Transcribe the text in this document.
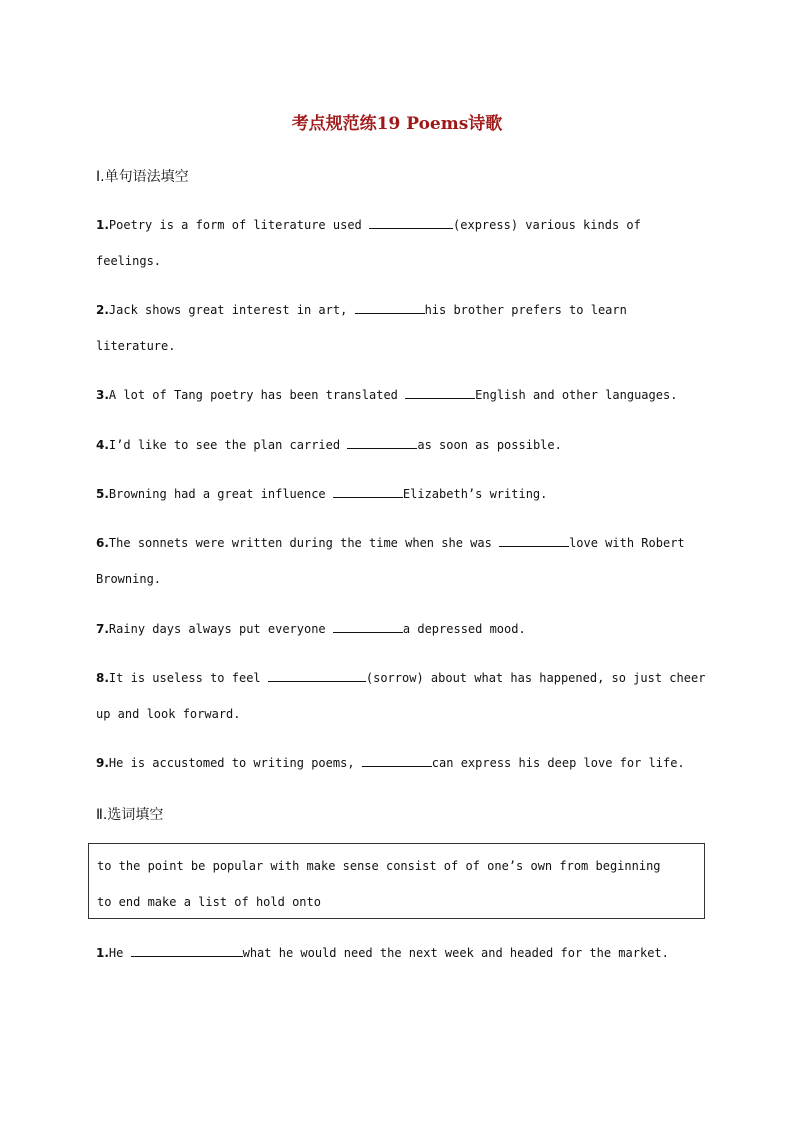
考点规范练19 Poems诗歌
Ⅰ.单句语法填空
1.Poetry is a form of literature used	(express) various kinds of
feelings.
2.Jack shows great interest in art,	his brother prefers to learn
literature.
3.A lot of Tang poetry has been translated	English and other languages.
4.I’d like to see the plan carried	as soon as possible.
5.Browning had a great influence	Elizabeth’s writing.
6.The sonnets were written during the time when she was	love with Robert
Browning.
7.Rainy days always put everyone	a depressed mood.
8.It is useless to feel	(sorrow) about what has happened, so just cheer
up and look forward.
9.He is accustomed to writing poems,	can express his deep love for life.
Ⅱ.选词填空
to the point be popular with make sense consist of of one’s own from beginning
to end make a list of hold onto
1.He	what he would need the next week and headed for the market.
